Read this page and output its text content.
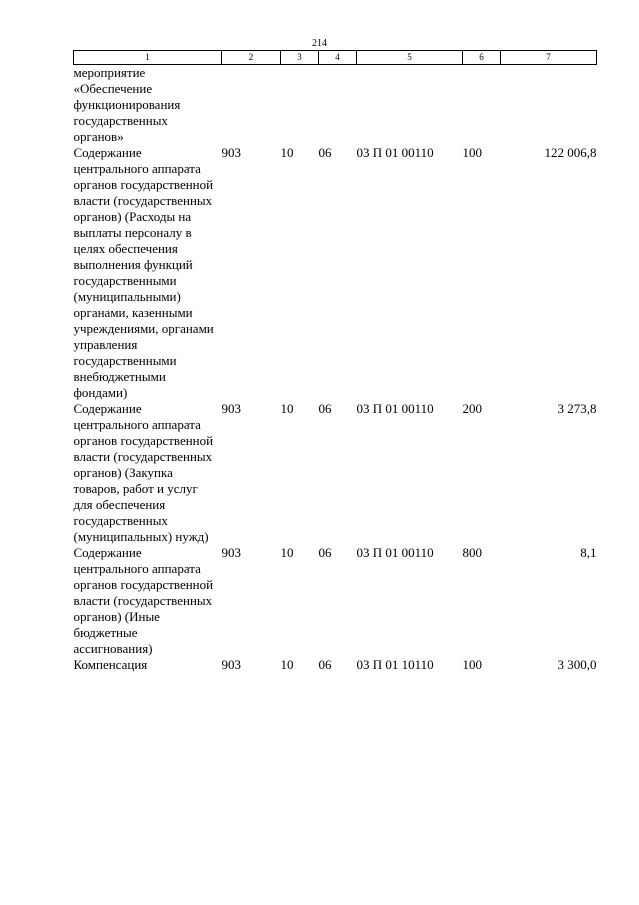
214
1	2	3	4	5	6	7
мероприятие «Обеспечение функционирования государственных органов»						
Содержание центрального аппарата органов государственной власти (государственных органов) (Расходы на выплаты персоналу в целях обеспечения выполнения функций государственными (муниципальными) органами, казенными учреждениями, органами управления государственными внебюджетными фондами)	903	10	06	03 П 01 00110	100	122 006,8
Содержание центрального аппарата органов государственной власти (государственных органов) (Закупка товаров, работ и услуг для обеспечения государственных (муниципальных) нужд)	903	10	06	03 П 01 00110	200	3 273,8
Содержание центрального аппарата органов государственной власти (государственных органов) (Иные бюджетные ассигнования)	903	10	06	03 П 01 00110	800	8,1
Компенсация	903	10	06	03 П 01 10110	100	3 300,0
